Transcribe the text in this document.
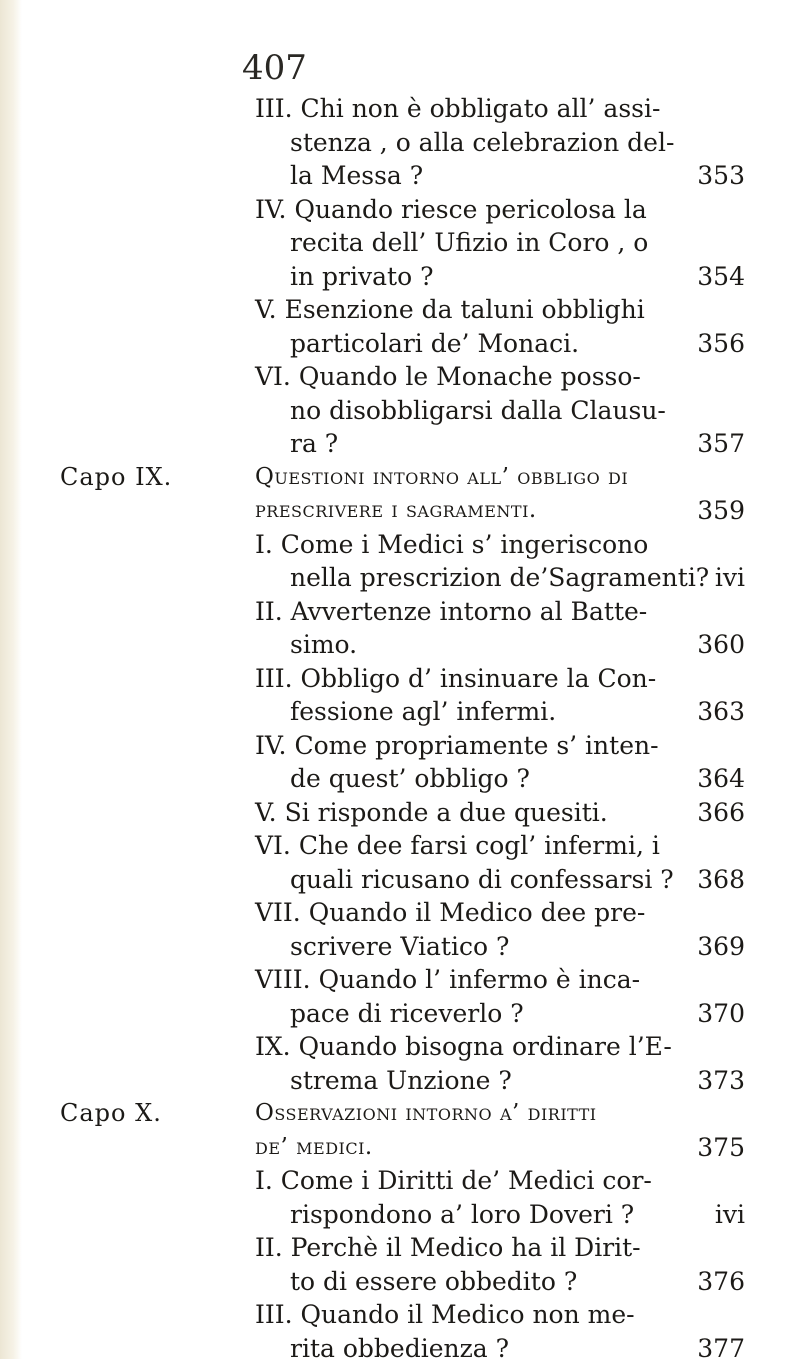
407
III. Chi non è obbligato all’ assi-
stenza , o alla celebrazion del-
la Messa ?	353
IV. Quando riesce pericolosa la
recita dell’ Ufizio in Coro , o
in privato ?	354
V. Esenzione da taluni obblighi
particolari de’ Monaci.	356
VI. Quando le Monache posso-
no disobbligarsi dalla Clausu-
ra ?	357
Capo IX.	Questioni intorno all’ obbligo di
prescrivere i sagramenti.	359
I. Come i Medici s’ ingeriscono
nella prescrizion de’Sagramenti? ivi
II. Avvertenze intorno al Batte-
simo.	360
III. Obbligo d’ insinuare la Con-
fessione agl’ infermi.	363
IV. Come propriamente s’ inten-
de quest’ obbligo ?	364
V. Si risponde a due quesiti.	366
VI. Che dee farsi cogl’ infermi, i
quali ricusano di confessarsi ? 368
VII. Quando il Medico dee pre-
scrivere Viatico ?	369
VIII. Quando l’ infermo è inca-
pace di riceverlo ?	370
IX. Quando bisogna ordinare l’E-
strema Unzione ?	373
Capo X.	Osservazioni intorno a’ diritti
de’ medici.	375
I. Come i Diritti de’ Medici cor-
rispondono a’ loro Doveri ?	ivi
II. Perchè il Medico ha il Dirit-
to di essere obbedito ?	376
III. Quando il Medico non me-
rita obbedienza ?	377
